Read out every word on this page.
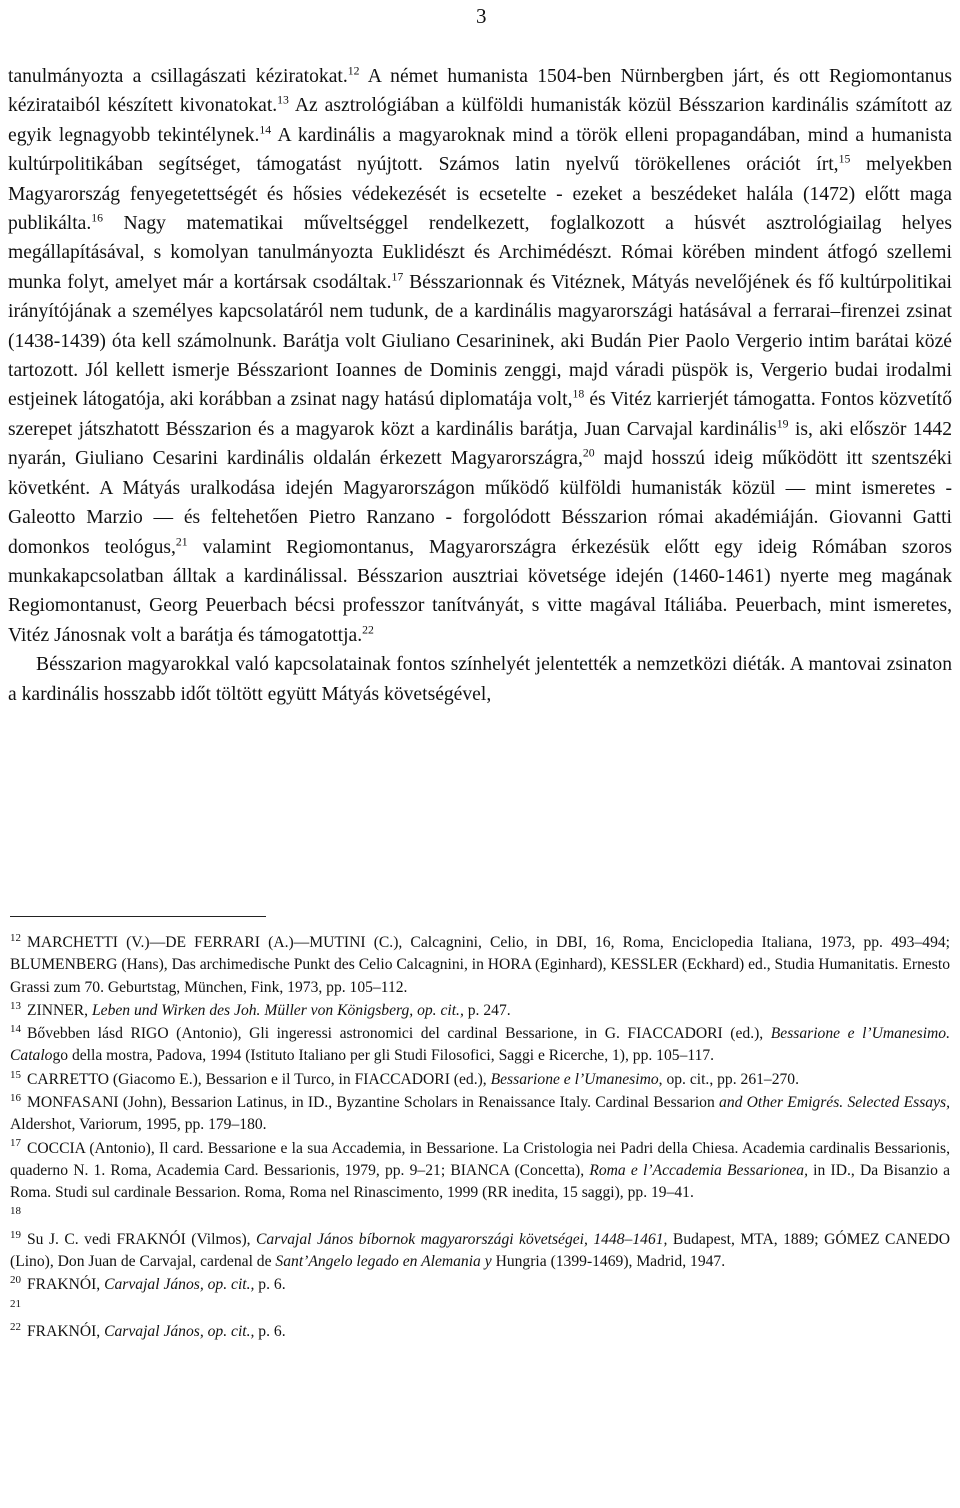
3

tanulmányozta a csillagászati kéziratokat.$^{12}$ A német humanista 1504-ben Nürnbergben járt, és ott Regiomontanus kézirataiból készített kivonatokat.$^{13}$ Az asztrológiában a külföldi humanisták közül Bésszarion kardinális számított az egyik legnagyobb tekintélynek.$^{14}$ A kardinális a magyaroknak mind a török elleni propagandában, mind a humanista kultúrpolitikában segítséget, támogatást nyújtott. Számos latin nyelvű törökellenes orációt írt,$^{15}$ melyekben Magyarország fenyegetettségét és hősies védekezését is ecsetelte - ezeket a beszédeket halála (1472) előtt maga publikálta.$^{16}$ Nagy matematikai műveltséggel rendelkezett, foglalkozott a húsvét asztrológiailag helyes megállapításával, s komolyan tanulmányozta Euklidészt és Archimédészt. Római körében mindent átfogó szellemi munka folyt, amelyet már a kortársak csodáltak.$^{17}$ Bésszarionnak és Vitéznek, Mátyás nevelőjének és fő kultúrpolitikai irányítójának a személyes kapcsolatáról nem tudunk, de a kardinális magyarországi hatásával a ferrarai–firenzei zsinat (1438-1439) óta kell számolnunk. Barátja volt Giuliano Cesarininek, aki Budán Pier Paolo Vergerio intim barátai közé tartozott. Jól kellett ismerje Bésszariont Ioannes de Dominis zenggi, majd váradi püspök is, Vergerio budai irodalmi estjeinek látogatója, aki korábban a zsinat nagy hatású diplomatája volt,$^{18}$ és Vitéz karrierjét támogatta. Fontos közvetítő szerepet játszhatott Bésszarion és a magyarok közt a kardinális barátja, Juan Carvajal kardinális$^{19}$ is, aki először 1442 nyarán, Giuliano Cesarini kardinális oldalán érkezett Magyarországra,$^{20}$ majd hosszú ideig működött itt szentszéki követként. A Mátyás uralkodása idején Magyarországon működő külföldi humanisták közül ― mint ismeretes - Galeotto Marzio ― és feltehetően Pietro Ranzano - forgolódott Bésszarion római akadémiáján. Giovanni Gatti domonkos teológus,$^{21}$ valamint Regiomontanus, Magyarországra érkezésük előtt egy ideig Rómában szoros munkakapcsolatban álltak a kardinálissal. Bésszarion ausztriai követsége idején (1460-1461) nyerte meg magának Regiomontanust, Georg Peuerbach bécsi professzor tanítványát, s vitte magával Itáliába. Peuerbach, mint ismeretes, Vitéz Jánosnak volt a barátja és támogatottja.$^{22}$

Bésszarion magyarokkal való kapcsolatainak fontos színhelyét jelentették a nemzetközi diéták. A mantovai zsinaton a kardinális hosszabb időt töltött együtt Mátyás követségével,

$^{12}$ MARCHETTI (V.)—DE FERRARI (A.)—MUTINI (C.), Calcagnini, Celio, in DBI, 16, Roma, Enciclopedia Italiana, 1973, pp. 493–494; BLUMENBERG (Hans), Das archimedische Punkt des Celio Calcagnini, in HORA (Eginhard), KESSLER (Eckhard) ed., Studia Humanitatis. Ernesto Grassi zum 70. Geburtstag, München, Fink, 1973, pp. 105–112.
$^{13}$ ZINNER, Leben und Wirken des Joh. Müller von Königsberg, op. cit., p. 247.
$^{14}$ Bővebben lásd RIGO (Antonio), Gli ingeressi astronomici del cardinal Bessarione, in G. FIACCADORI (ed.), Bessarione e l’Umanesimo. Catalogo della mostra, Padova, 1994 (Istituto Italiano per gli Studi Filosofici, Saggi e Ricerche, 1), pp. 105–117.
$^{15}$ CARRETTO (Giacomo E.), Bessarion e il Turco, in FIACCADORI (ed.), Bessarione e l’Umanesimo, op. cit., pp. 261–270.
$^{16}$ MONFASANI (John), Bessarion Latinus, in ID., Byzantine Scholars in Renaissance Italy. Cardinal Bessarion and Other Emigrés. Selected Essays, Aldershot, Variorum, 1995, pp. 179–180.
$^{17}$ COCCIA (Antonio), Il card. Bessarione e la sua Accademia, in Bessarione. La Cristologia nei Padri della Chiesa. Academia cardinalis Bessarionis, quaderno N. 1. Roma, Academia Card. Bessarionis, 1979, pp. 9–21; BIANCA (Concetta), Roma e l’Accademia Bessarionea, in ID., Da Bisanzio a Roma. Studi sul cardinale Bessarion. Roma, Roma nel Rinascimento, 1999 (RR inedita, 15 saggi), pp. 19–41.
$^{18}$
$^{19}$ Su J. C. vedi FRAKNÓI (Vilmos), Carvajal János bíbornok magyarországi követségei, 1448–1461, Budapest, MTA, 1889; GÓMEZ CANEDO (Lino), Don Juan de Carvajal, cardenal de Sant’Angelo legado en Alemania y Hungria (1399-1469), Madrid, 1947.
$^{20}$ FRAKNÓI, Carvajal János, op. cit., p. 6.
$^{21}$
$^{22}$ FRAKNÓI, Carvajal János, op. cit., p. 6.
